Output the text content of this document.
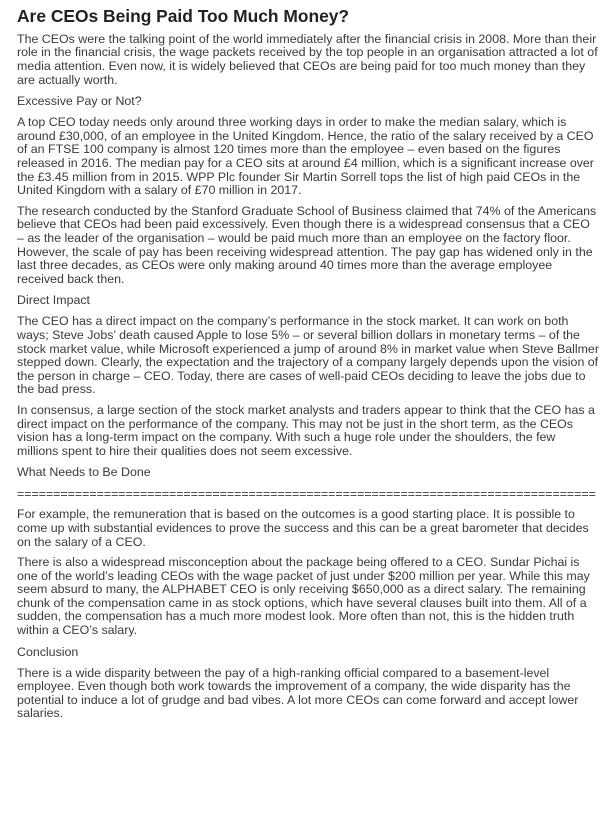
Are CEOs Being Paid Too Much Money?

The CEOs were the talking point of the world immediately after the financial crisis in 2008. More than their role in the financial crisis, the wage packets received by the top people in an organisation attracted a lot of media attention. Even now, it is widely believed that CEOs are being paid for too much money than they are actually worth.

Excessive Pay or Not?

A top CEO today needs only around three working days in order to make the median salary, which is around £30,000, of an employee in the United Kingdom. Hence, the ratio of the salary received by a CEO of an FTSE 100 company is almost 120 times more than the employee – even based on the figures released in 2016. The median pay for a CEO sits at around £4 million, which is a significant increase over the £3.45 million from in 2015. WPP Plc founder Sir Martin Sorrell tops the list of high paid CEOs in the United Kingdom with a salary of £70 million in 2017.

The research conducted by the Stanford Graduate School of Business claimed that 74% of the Americans believe that CEOs had been paid excessively. Even though there is a widespread consensus that a CEO – as the leader of the organisation – would be paid much more than an employee on the factory floor. However, the scale of pay has been receiving widespread attention. The pay gap has widened only in the last three decades, as CEOs were only making around 40 times more than the average employee received back then.

Direct Impact

The CEO has a direct impact on the company’s performance in the stock market. It can work on both ways; Steve Jobs’ death caused Apple to lose 5% – or several billion dollars in monetary terms – of the stock market value, while Microsoft experienced a jump of around 8% in market value when Steve Ballmer stepped down. Clearly, the expectation and the trajectory of a company largely depends upon the vision of the person in charge – CEO. Today, there are cases of well-paid CEOs deciding to leave the jobs due to the bad press.

In consensus, a large section of the stock market analysts and traders appear to think that the CEO has a direct impact on the performance of the company. This may not be just in the short term, as the CEOs vision has a long-term impact on the company. With such a huge role under the shoulders, the few millions spent to hire their qualities does not seem excessive.

What Needs to Be Done

================================================================================

For example, the remuneration that is based on the outcomes is a good starting place. It is possible to come up with substantial evidences to prove the success and this can be a great barometer that decides on the salary of a CEO.

There is also a widespread misconception about the package being offered to a CEO. Sundar Pichai is one of the world’s leading CEOs with the wage packet of just under $200 million per year. While this may seem absurd to many, the ALPHABET CEO is only receiving $650,000 as a direct salary. The remaining chunk of the compensation came in as stock options, which have several clauses built into them. All of a sudden, the compensation has a much more modest look. More often than not, this is the hidden truth within a CEO’s salary.

Conclusion

There is a wide disparity between the pay of a high-ranking official compared to a basement-level employee. Even though both work towards the improvement of a company, the wide disparity has the potential to induce a lot of grudge and bad vibes. A lot more CEOs can come forward and accept lower salaries.
